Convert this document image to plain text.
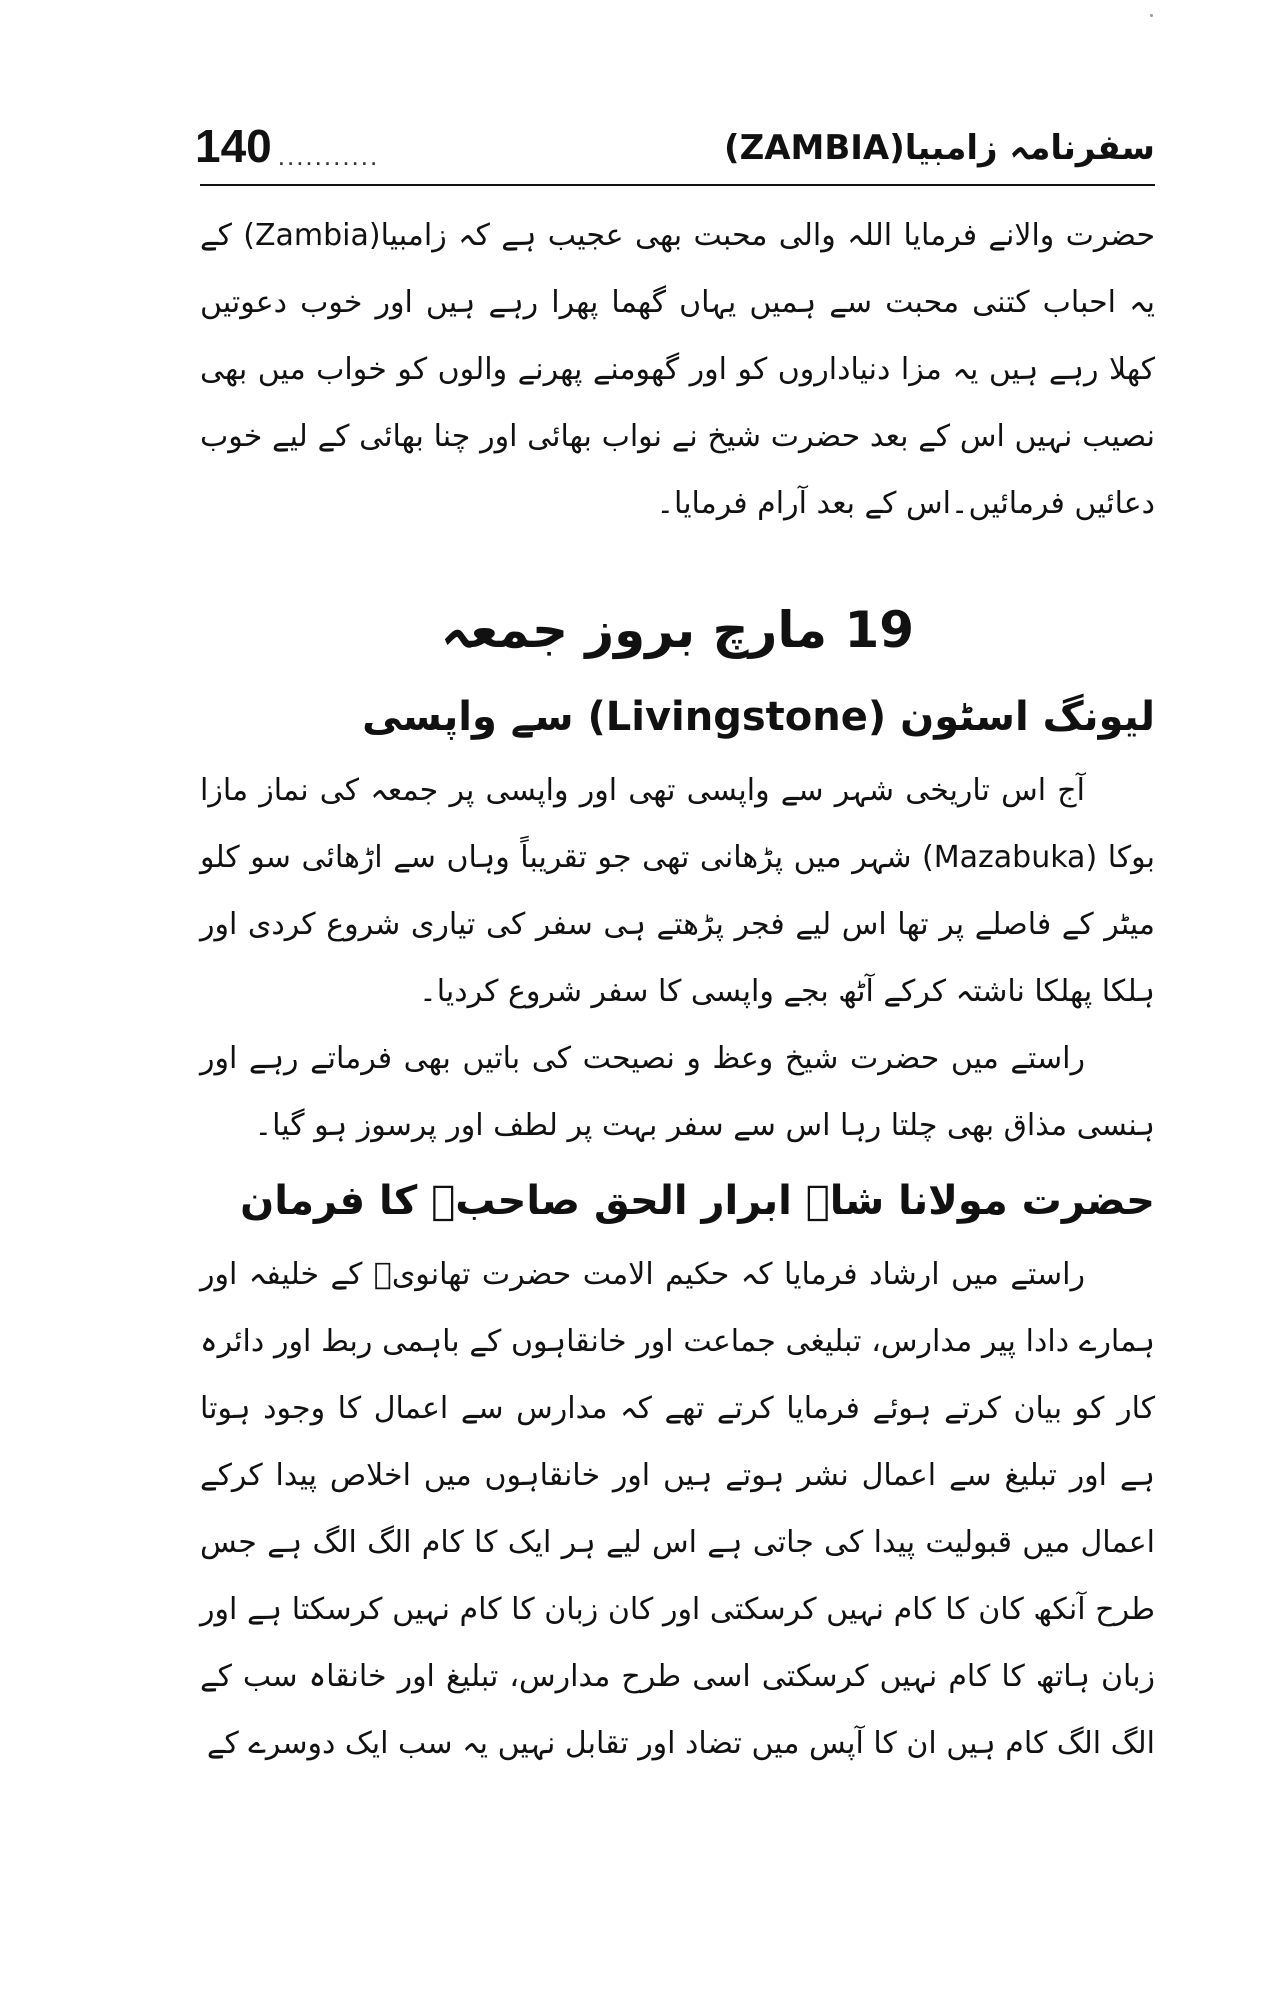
140 ...........	سفرنامہ زامبیا(ZAMBIA)

حضرت والانے فرمایا اللہ والی محبت بھی عجیب ہے کہ زامبیا(Zambia) کے یہ احباب کتنی محبت سے ہمیں یہاں گھما پھرا رہے ہیں اور خوب دعوتیں کھلا رہے ہیں یہ مزا دنیاداروں کو اور گھومنے پھرنے والوں کو خواب میں بھی نصیب نہیں اس کے بعد حضرت شیخ نے نواب بھائی اور چنا بھائی کے لیے خوب دعائیں فرمائیں۔اس کے بعد آرام فرمایا۔

19 مارچ بروز جمعہ
لیونگ اسٹون (Livingstone) سے واپسی

آج اس تاریخی شہر سے واپسی تھی اور واپسی پر جمعہ کی نماز مازا بوکا (Mazabuka) شہر میں پڑھانی تھی جو تقریباً وہاں سے اڑھائی سو کلو میٹر کے فاصلے پر تھا اس لیے فجر پڑھتے ہی سفر کی تیاری شروع کردی اور ہلکا پھلکا ناشتہ کرکے آٹھ بجے واپسی کا سفر شروع کردیا۔

راستے میں حضرت شیخ وعظ و نصیحت کی باتیں بھی فرماتے رہے اور ہنسی مذاق بھی چلتا رہا اس سے سفر بہت پر لطف اور پرسوز ہو گیا۔

حضرت مولانا شاہ ابرار الحق صاحبؒ کا فرمان

راستے میں ارشاد فرمایا کہ حکیم الامت حضرت تھانویؒ کے خلیفہ اور ہمارے دادا پیر مدارس، تبلیغی جماعت اور خانقاہوں کے باہمی ربط اور دائرہ کار کو بیان کرتے ہوئے فرمایا کرتے تھے کہ مدارس سے اعمال کا وجود ہوتا ہے اور تبلیغ سے اعمال نشر ہوتے ہیں اور خانقاہوں میں اخلاص پیدا کرکے اعمال میں قبولیت پیدا کی جاتی ہے اس لیے ہر ایک کا کام الگ الگ ہے جس طرح آنکھ کان کا کام نہیں کرسکتی اور کان زبان کا کام نہیں کرسکتا ہے اور زبان ہاتھ کا کام نہیں کرسکتی اسی طرح مدارس، تبلیغ اور خانقاہ سب کے الگ الگ کام ہیں ان کا آپس میں تضاد اور تقابل نہیں یہ سب ایک دوسرے کے
